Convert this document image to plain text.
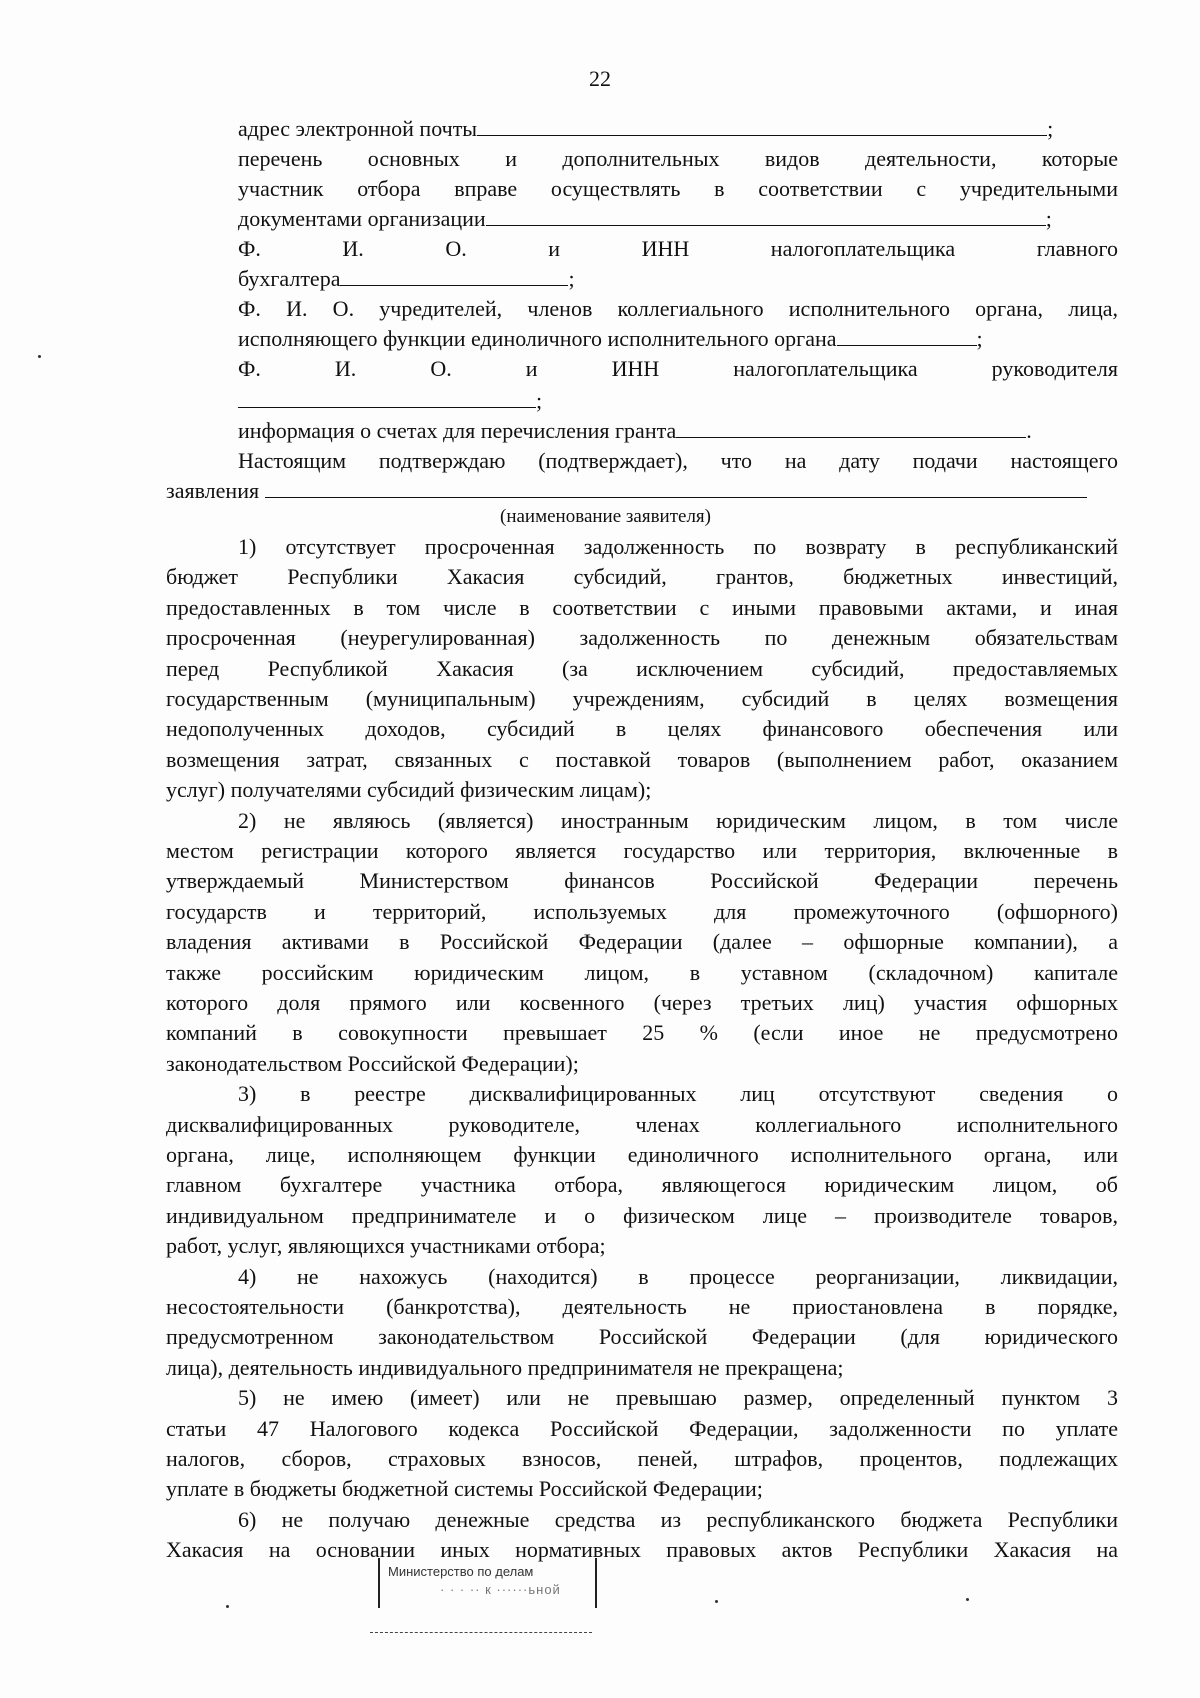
22
адрес электронной почты	;
перечень основных и дополнительных видов деятельности, которые
участник отбора вправе осуществлять в соответствии с учредительными
документами организации	;
Ф. И. О. и ИНН налогоплательщика главного
бухгалтера	;
Ф. И. О. учредителей, членов коллегиального исполнительного органа, лица,
исполняющего функции единоличного исполнительного органа	;
Ф. И. О. и ИНН налогоплательщика руководителя
;
информация о счетах для перечисления гранта	.
Настоящим подтверждаю (подтверждает), что на дату подачи настоящего
заявления
(наименование заявителя)
1) отсутствует просроченная задолженность по возврату в республиканский
бюджет Республики Хакасия субсидий, грантов, бюджетных инвестиций,
предоставленных в том числе в соответствии с иными правовыми актами, и иная
просроченная (неурегулированная) задолженность по денежным обязательствам
перед Республикой Хакасия (за исключением субсидий, предоставляемых
государственным (муниципальным) учреждениям, субсидий в целях возмещения
недополученных доходов, субсидий в целях финансового обеспечения или
возмещения затрат, связанных с поставкой товаров (выполнением работ, оказанием
услуг) получателями субсидий физическим лицам);
2) не являюсь (является) иностранным юридическим лицом, в том числе
местом регистрации которого является государство или территория, включенные в
утверждаемый Министерством финансов Российской Федерации перечень
государств и территорий, используемых для промежуточного (офшорного)
владения активами в Российской Федерации (далее – офшорные компании), а
также российским юридическим лицом, в уставном (складочном) капитале
которого доля прямого или косвенного (через третьих лиц) участия офшорных
компаний в совокупности превышает 25 % (если иное не предусмотрено
законодательством Российской Федерации);
3) в реестре дисквалифицированных лиц отсутствуют сведения о
дисквалифицированных руководителе, членах коллегиального исполнительного
органа, лице, исполняющем функции единоличного исполнительного органа, или
главном бухгалтере участника отбора, являющегося юридическим лицом, об
индивидуальном предпринимателе и о физическом лице – производителе товаров,
работ, услуг, являющихся участниками отбора;
4) не нахожусь (находится) в процессе реорганизации, ликвидации,
несостоятельности (банкротства), деятельность не приостановлена в порядке,
предусмотренном законодательством Российской Федерации (для юридического
лица), деятельность индивидуального предпринимателя не прекращена;
5) не имею (имеет) или не превышаю размер, определенный пунктом 3
статьи 47 Налогового кодекса Российской Федерации, задолженности по уплате
налогов, сборов, страховых взносов, пеней, штрафов, процентов, подлежащих
уплате в бюджеты бюджетной системы Российской Федерации;
6) не получаю денежные средства из республиканского бюджета Республики
Хакасия на основании иных нормативных правовых актов Республики Хакасия на
Министерство по делам
· · · ·· к ······ьной
